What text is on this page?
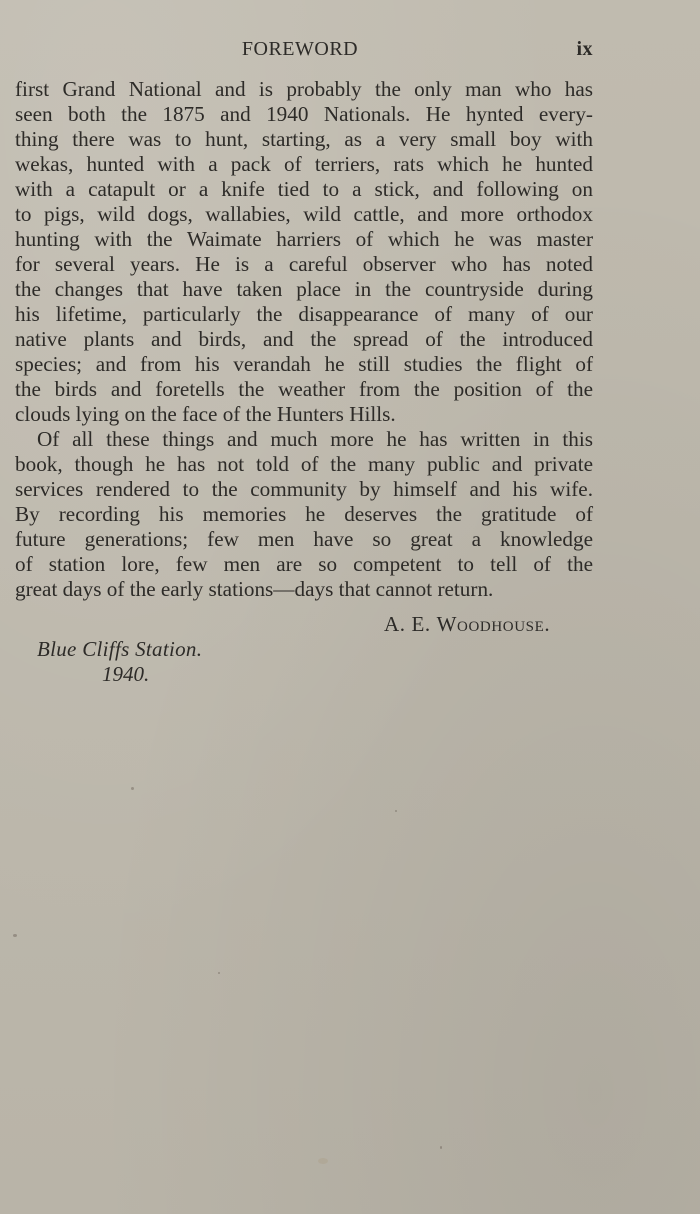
FOREWORD	ix
first Grand National and is probably the only man who has
seen both the 1875 and 1940 Nationals. He hynted every-
thing there was to hunt, starting, as a very small boy with
wekas, hunted with a pack of terriers, rats which he hunted
with a catapult or a knife tied to a stick, and following on
to pigs, wild dogs, wallabies, wild cattle, and more orthodox
hunting with the Waimate harriers of which he was master
for several years. He is a careful observer who has noted
the changes that have taken place in the countryside during
his lifetime, particularly the disappearance of many of our
native plants and birds, and the spread of the introduced
species; and from his verandah he still studies the flight of
the birds and foretells the weather from the position of the
clouds lying on the face of the Hunters Hills.
Of all these things and much more he has written in this
book, though he has not told of the many public and private
services rendered to the community by himself and his wife.
By recording his memories he deserves the gratitude of
future generations; few men have so great a knowledge
of station lore, few men are so competent to tell of the
great days of the early stations—days that cannot return.
A. E. Woodhouse.
Blue Cliffs Station.
1940.
